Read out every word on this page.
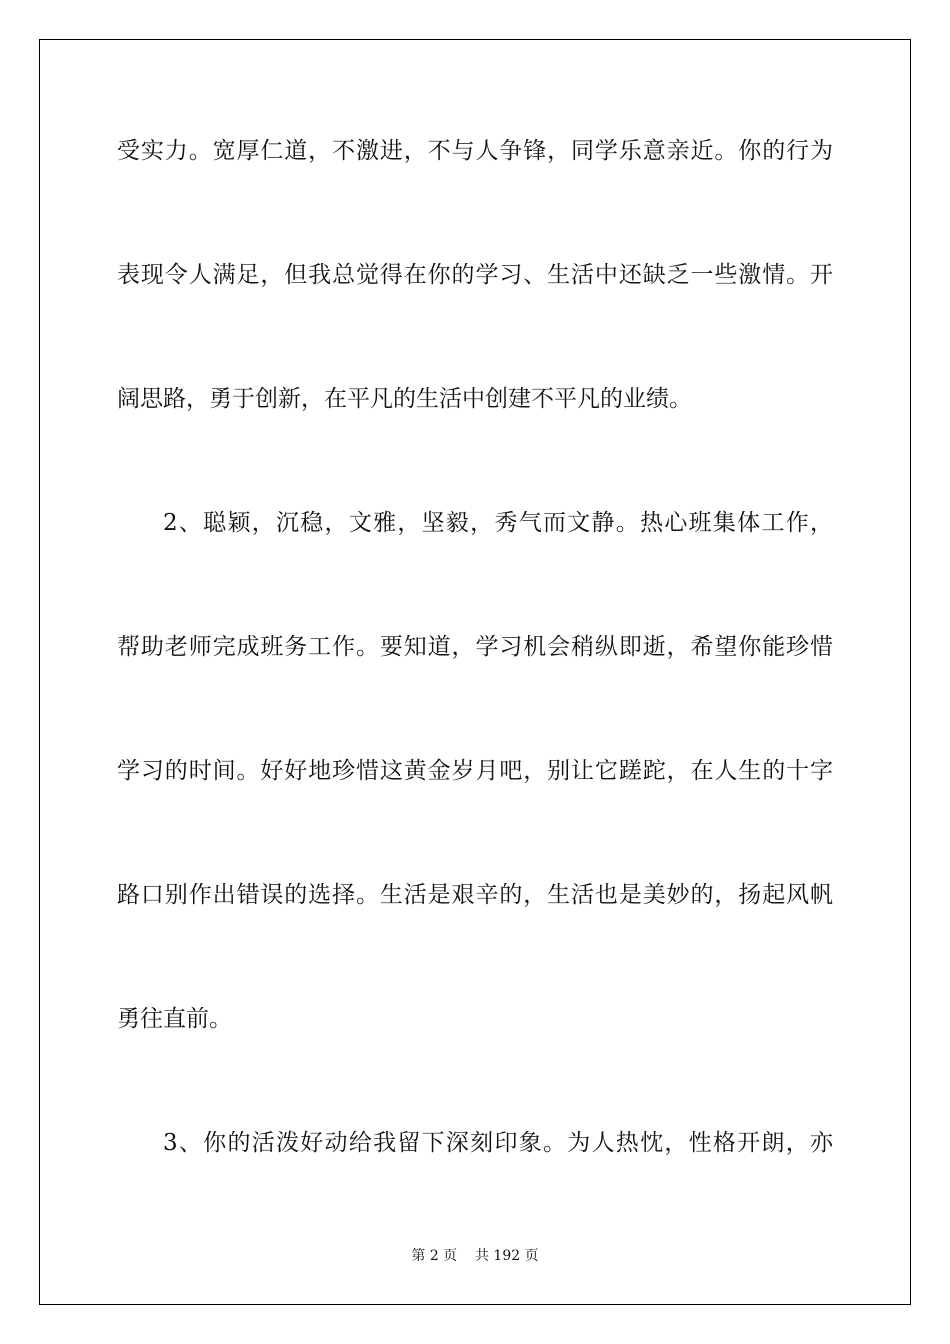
受实力。宽厚仁道，不激进，不与人争锋，同学乐意亲近。你的行为
表现令人满足，但我总觉得在你的学习、生活中还缺乏一些激情。开
阔思路，勇于创新，在平凡的生活中创建不平凡的业绩。
2、聪颖，沉稳，文雅，坚毅，秀气而文静。热心班集体工作，
帮助老师完成班务工作。要知道，学习机会稍纵即逝，希望你能珍惜
学习的时间。好好地珍惜这黄金岁月吧，别让它蹉跎，在人生的十字
路口别作出错误的选择。生活是艰辛的，生活也是美妙的，扬起风帆
勇往直前。
3、你的活泼好动给我留下深刻印象。为人热忱，性格开朗，亦
第 2 页    共 192 页
